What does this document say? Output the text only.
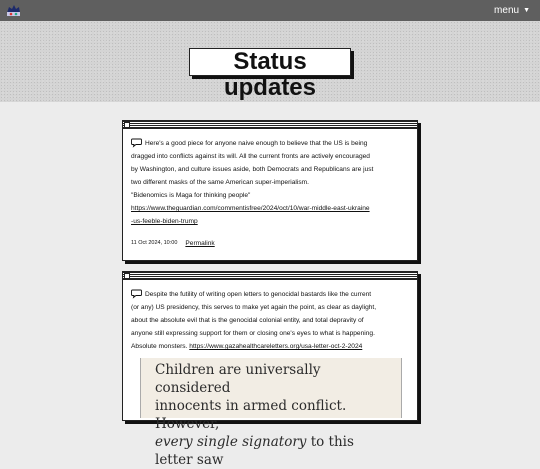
menu ▼
Status updates
Here's a good piece for anyone naive enough to believe that the US is being
dragged into conflicts against its will. All the current fronts are actively encouraged
by Washington, and culture issues aside, both Democrats and Republicans are just
two different masks of the same American super-imperialism.
"Bidenomics is Maga for thinking people"
https://www.theguardian.com/commentisfree/2024/oct/10/war-middle-east-ukraine
-us-feeble-biden-trump
11 Oct 2024, 10:00 Permalink
Despite the futility of writing open letters to genocidal bastards like the current
(or any) US presidency, this serves to make yet again the point, as clear as daylight,
about the absolute evil that is the genocidal colonial entity, and total depravity of
anyone still expressing support for them or closing one's eyes to what is happening.
Absolute monsters. https://www.gazahealthcareletters.org/usa-letter-oct-2-2024
Children are universally considered
innocents in armed conflict. However,
every single signatory to this letter saw
